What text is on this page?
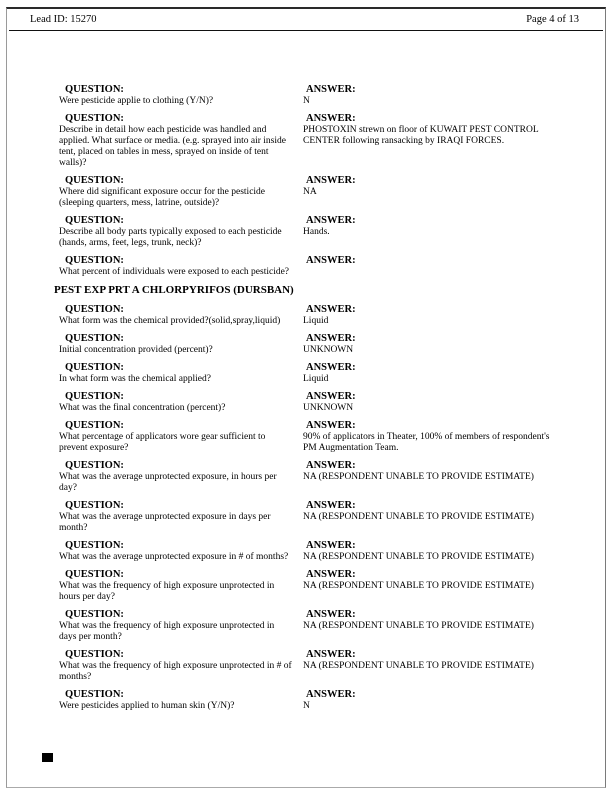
Lead ID: 15270	Page 4 of 13
QUESTION:
Were pesticide applie to clothing (Y/N)?
ANSWER:
N
QUESTION:
Describe in detail how each pesticide was handled and applied. What surface or media. (e.g. sprayed into air inside tent, placed on tables in mess, sprayed on inside of tent walls)?
ANSWER:
PHOSTOXIN strewn on floor of KUWAIT PEST CONTROL CENTER following ransacking by IRAQI FORCES.
QUESTION:
Where did significant exposure occur for the pesticide (sleeping quarters, mess, latrine, outside)?
ANSWER:
NA
QUESTION:
Describe all body parts typically exposed to each pesticide (hands, arms, feet, legs, trunk, neck)?
ANSWER:
Hands.
QUESTION:
What percent of individuals were exposed to each pesticide?
ANSWER:
PEST EXP PRT A CHLORPYRIFOS (DURSBAN)
QUESTION:
What form was the chemical provided?(solid,spray,liquid)
ANSWER:
Liquid
QUESTION:
Initial concentration provided (percent)?
ANSWER:
UNKNOWN
QUESTION:
In what form was the chemical applied?
ANSWER:
Liquid
QUESTION:
What was the final concentration (percent)?
ANSWER:
UNKNOWN
QUESTION:
What percentage of applicators wore gear sufficient to prevent exposure?
ANSWER:
90% of applicators in Theater, 100% of members of respondent's PM Augmentation Team.
QUESTION:
What was the average unprotected exposure, in hours per day?
ANSWER:
NA (RESPONDENT UNABLE TO PROVIDE ESTIMATE)
QUESTION:
What was the average unprotected exposure in days per month?
ANSWER:
NA (RESPONDENT UNABLE TO PROVIDE ESTIMATE)
QUESTION:
What was the average unprotected exposure in # of months?
ANSWER:
NA (RESPONDENT UNABLE TO PROVIDE ESTIMATE)
QUESTION:
What was the frequency of high exposure unprotected in hours per day?
ANSWER:
NA (RESPONDENT UNABLE TO PROVIDE ESTIMATE)
QUESTION:
What was the frequency of high exposure unprotected in days per month?
ANSWER:
NA (RESPONDENT UNABLE TO PROVIDE ESTIMATE)
QUESTION:
What was the frequency of high exposure unprotected in # of months?
ANSWER:
NA (RESPONDENT UNABLE TO PROVIDE ESTIMATE)
QUESTION:
Were pesticides applied to human skin (Y/N)?
ANSWER:
N
